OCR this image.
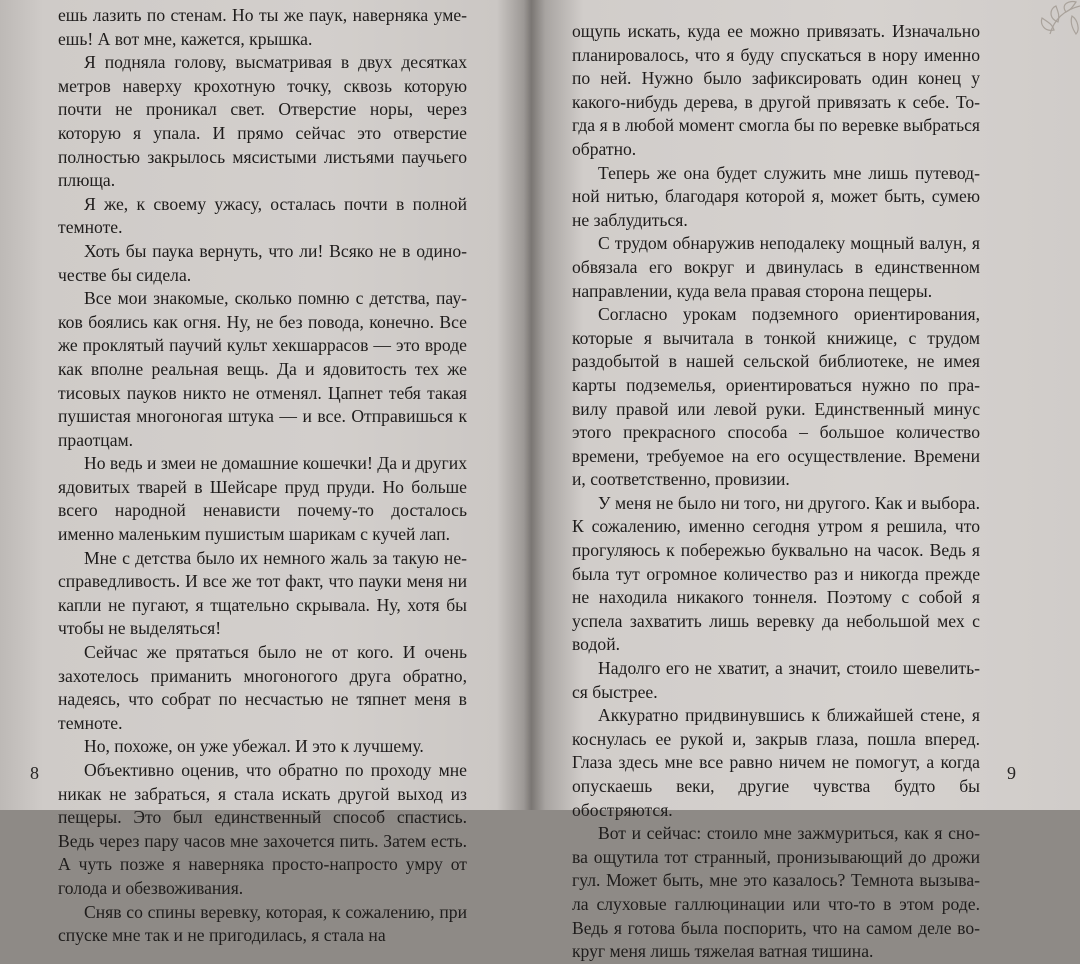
ешь лазить по стенам. Но ты же паук, наверняка умеешь! А вот мне, кажется, крышка.

Я подняла голову, высматривая в двух десятках метров наверху крохотную точку, сквозь которую почти не проникал свет. Отверстие норы, через которую я упала. И прямо сейчас это отверстие полностью закрылось мясистыми листьями паучьего плюща.

Я же, к своему ужасу, осталась почти в полной темноте.

Хоть бы паука вернуть, что ли! Всяко не в одиночестве бы сидела.

Все мои знакомые, сколько помню с детства, пауков боялись как огня. Ну, не без повода, конечно. Все же проклятый паучий культ хекшаррасов — это вроде как вполне реальная вещь. Да и ядовитость тех же тисовых пауков никто не отменял. Цапнет тебя такая пушистая многоногая штука — и все. Отправишься к праотцам.

Но ведь и змеи не домашние кошечки! Да и других ядовитых тварей в Шейсаре пруд пруди. Но больше всего народной ненависти почему-то досталось именно маленьким пушистым шарикам с кучей лап.

Мне с детства было их немного жаль за такую несправедливость. И все же тот факт, что пауки меня ни капли не пугают, я тщательно скрывала. Ну, хотя бы чтобы не выделяться!

Сейчас же прятаться было не от кого. И очень захотелось приманить многоногого друга обратно, надеясь, что собрат по несчастью не тяпнет меня в темноте.

Но, похоже, он уже убежал. И это к лучшему.

Объективно оценив, что обратно по проходу мне никак не забраться, я стала искать другой выход из пещеры. Это был единственный способ спастись. Ведь через пару часов мне захочется пить. Затем есть. А чуть позже я наверняка просто-напросто умру от голода и обезвоживания.

Сняв со спины веревку, которая, к сожалению, при спуске мне так и не пригодилась, я стала на

8

ощупь искать, куда ее можно привязать. Изначально планировалось, что я буду спускаться в нору именно по ней. Нужно было зафиксировать один конец у какого-нибудь дерева, в другой привязать к себе. Тогда я в любой момент смогла бы по веревке выбраться обратно.

Теперь же она будет служить мне лишь путеводной нитью, благодаря которой я, может быть, сумею не заблудиться.

С трудом обнаружив неподалеку мощный валун, я обвязала его вокруг и двинулась в единственном направлении, куда вела правая сторона пещеры.

Согласно урокам подземного ориентирования, которые я вычитала в тонкой книжице, с трудом раздобытой в нашей сельской библиотеке, не имея карты подземелья, ориентироваться нужно по правилу правой или левой руки. Единственный минус этого прекрасного способа – большое количество времени, требуемое на его осуществление. Времени и, соответственно, провизии.

У меня не было ни того, ни другого. Как и выбора. К сожалению, именно сегодня утром я решила, что прогуляюсь к побережью буквально на часок. Ведь я была тут огромное количество раз и никогда прежде не находила никакого тоннеля. Поэтому с собой я успела захватить лишь веревку да небольшой мех с водой.

Надолго его не хватит, а значит, стоило шевелиться быстрее.

Аккуратно придвинувшись к ближайшей стене, я коснулась ее рукой и, закрыв глаза, пошла вперед. Глаза здесь мне все равно ничем не помогут, а когда опускаешь веки, другие чувства будто бы обостряются.

Вот и сейчас: стоило мне зажмуриться, как я снова ощутила тот странный, пронизывающий до дрожи гул. Может быть, мне это казалось? Темнота вызывала слуховые галлюцинации или что-то в этом роде. Ведь я готова была поспорить, что на самом деле вокруг меня лишь тяжелая ватная тишина.

9
